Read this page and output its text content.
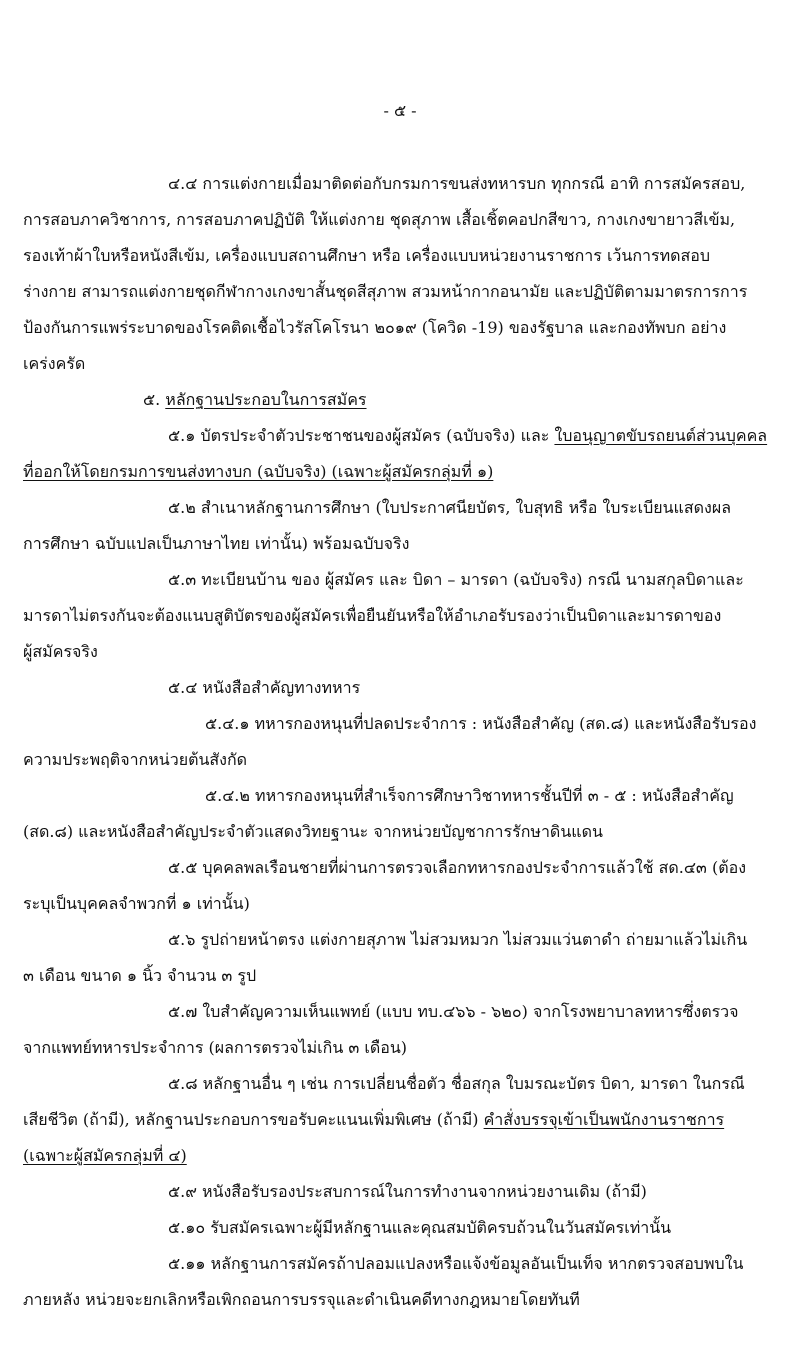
- ๕ -
๔.๔ การแต่งกายเมื่อมาติดต่อกับกรมการขนส่งทหารบก ทุกกรณี อาทิ การสมัครสอบ,
การสอบภาควิชาการ, การสอบภาคปฏิบัติ ให้แต่งกาย ชุดสุภาพ เสื้อเชิ้ตคอปกสีขาว, กางเกงขายาวสีเข้ม,
รองเท้าผ้าใบหรือหนังสีเข้ม, เครื่องแบบสถานศึกษา หรือ เครื่องแบบหน่วยงานราชการ เว้นการทดสอบ
ร่างกาย สามารถแต่งกายชุดกีฬากางเกงขาสั้นชุดสีสุภาพ สวมหน้ากากอนามัย และปฏิบัติตามมาตรการการ
ป้องกันการแพร่ระบาดของโรคติดเชื้อไวรัสโคโรนา ๒๐๑๙ (โควิด -19) ของรัฐบาล และกองทัพบก อย่าง
เคร่งครัด
๕. หลักฐานประกอบในการสมัคร
๕.๑ บัตรประจำตัวประชาชนของผู้สมัคร (ฉบับจริง) และ ใบอนุญาตขับรถยนต์ส่วนบุคคล
ที่ออกให้โดยกรมการขนส่งทางบก (ฉบับจริง) (เฉพาะผู้สมัครกลุ่มที่ ๑)
๕.๒ สำเนาหลักฐานการศึกษา (ใบประกาศนียบัตร, ใบสุทธิ หรือ ใบระเบียนแสดงผล
การศึกษา ฉบับแปลเป็นภาษาไทย เท่านั้น) พร้อมฉบับจริง
๕.๓ ทะเบียนบ้าน ของ ผู้สมัคร และ บิดา – มารดา (ฉบับจริง) กรณี นามสกุลบิดาและ
มารดาไม่ตรงกันจะต้องแนบสูติบัตรของผู้สมัครเพื่อยืนยันหรือให้อำเภอรับรองว่าเป็นบิดาและมารดาของ
ผู้สมัครจริง
๕.๔ หนังสือสำคัญทางทหาร
๕.๔.๑ ทหารกองหนุนที่ปลดประจำการ : หนังสือสำคัญ (สด.๘) และหนังสือรับรอง
ความประพฤติจากหน่วยต้นสังกัด
๕.๔.๒ ทหารกองหนุนที่สำเร็จการศึกษาวิชาทหารชั้นปีที่ ๓ - ๕ : หนังสือสำคัญ
(สด.๘) และหนังสือสำคัญประจำตัวแสดงวิทยฐานะ จากหน่วยบัญชาการรักษาดินแดน
๕.๕ บุคคลพลเรือนชายที่ผ่านการตรวจเลือกทหารกองประจำการแล้วใช้ สด.๔๓ (ต้อง
ระบุเป็นบุคคลจำพวกที่ ๑ เท่านั้น)
๕.๖ รูปถ่ายหน้าตรง แต่งกายสุภาพ ไม่สวมหมวก ไม่สวมแว่นตาดำ ถ่ายมาแล้วไม่เกิน
๓ เดือน ขนาด ๑ นิ้ว จำนวน ๓ รูป
๕.๗ ใบสำคัญความเห็นแพทย์ (แบบ ทบ.๔๖๖ - ๖๒๐) จากโรงพยาบาลทหารซึ่งตรวจ
จากแพทย์ทหารประจำการ (ผลการตรวจไม่เกิน ๓ เดือน)
๕.๘ หลักฐานอื่น ๆ เช่น การเปลี่ยนชื่อตัว ชื่อสกุล ใบมรณะบัตร บิดา, มารดา ในกรณี
เสียชีวิต (ถ้ามี), หลักฐานประกอบการขอรับคะแนนเพิ่มพิเศษ (ถ้ามี) คำสั่งบรรจุเข้าเป็นพนักงานราชการ
(เฉพาะผู้สมัครกลุ่มที่ ๔)
๕.๙ หนังสือรับรองประสบการณ์ในการทำงานจากหน่วยงานเดิม (ถ้ามี)
๕.๑๐ รับสมัครเฉพาะผู้มีหลักฐานและคุณสมบัติครบถ้วนในวันสมัครเท่านั้น
๕.๑๑ หลักฐานการสมัครถ้าปลอมแปลงหรือแจ้งข้อมูลอันเป็นเท็จ หากตรวจสอบพบใน
ภายหลัง หน่วยจะยกเลิกหรือเพิกถอนการบรรจุและดำเนินคดีทางกฎหมายโดยทันที
